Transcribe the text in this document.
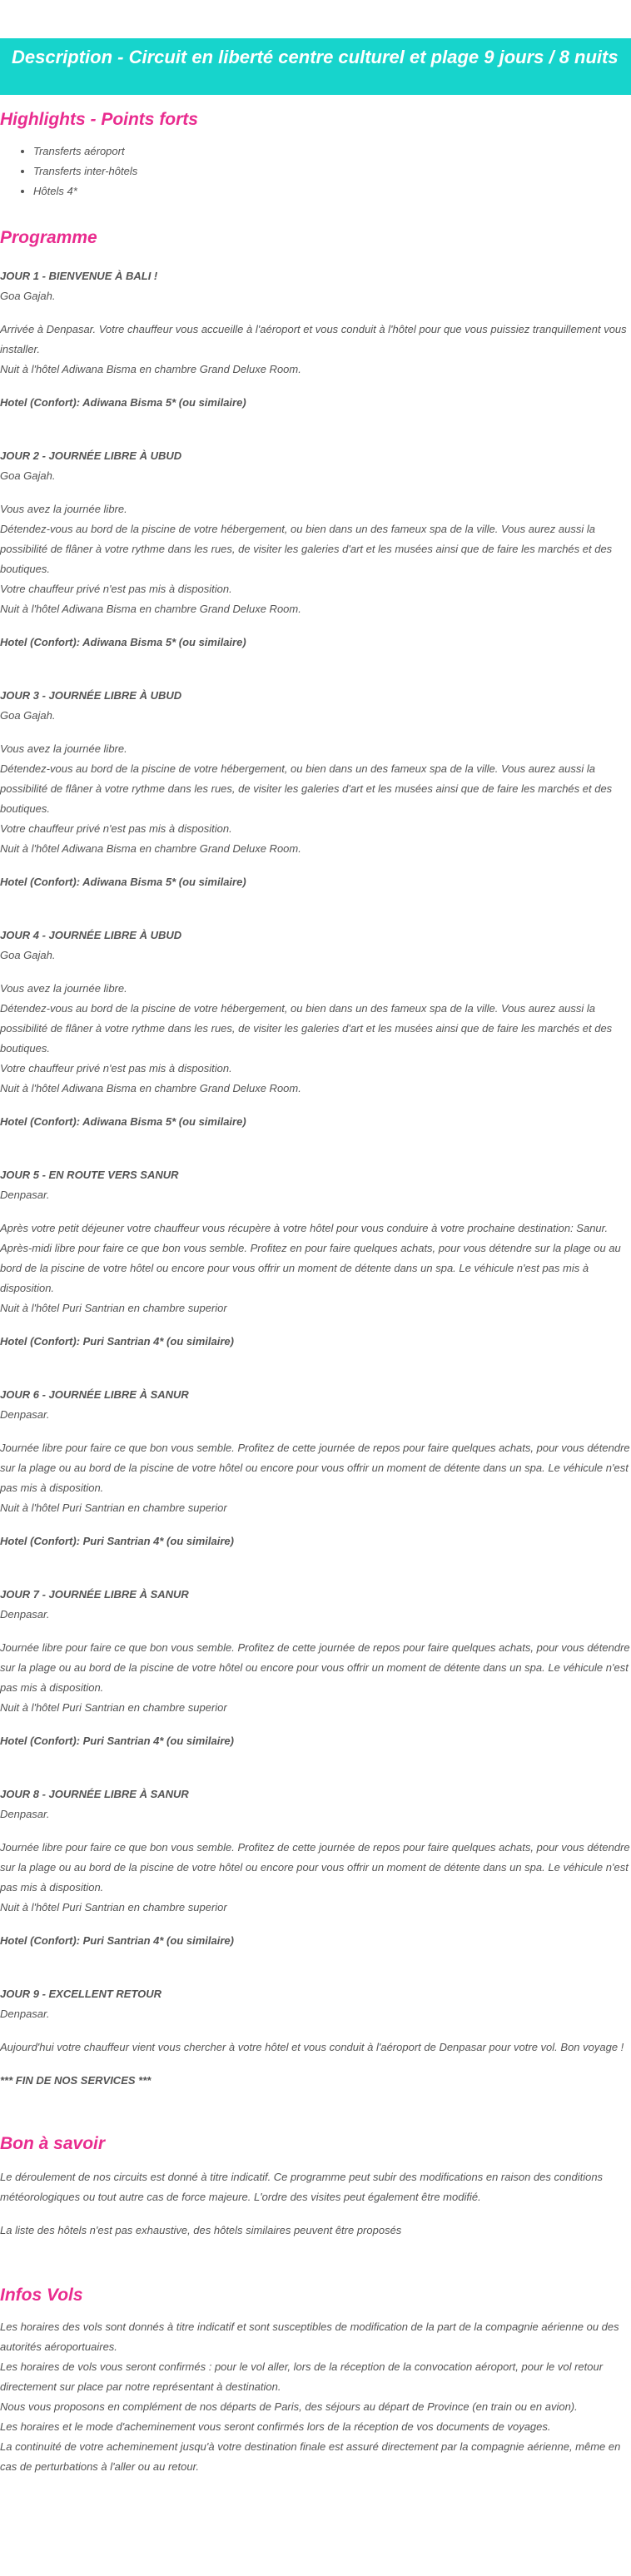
Description - Circuit en liberté centre culturel et plage 9 jours / 8 nuits
Highlights - Points forts
• Transferts aéroport
• Transferts inter-hôtels
• Hôtels 4*
Programme

JOUR 1 - BIENVENUE À BALI !

Goa Gajah.

Arrivée à Denpasar. Votre chauffeur vous accueille à l'aéroport et vous conduit à l'hôtel pour que vous puissiez tranquillement vous installer.

Nuit à l'hôtel Adiwana Bisma en chambre Grand Deluxe Room.

Hotel (Confort): Adiwana Bisma 5* (ou similaire)

JOUR 2 - JOURNÉE LIBRE À UBUD

Goa Gajah.

Vous avez la journée libre.

Détendez-vous au bord de la piscine de votre hébergement, ou bien dans un des fameux spa de la ville. Vous aurez aussi la possibilité de flâner à votre rythme dans les rues, de visiter les galeries d'art et les musées ainsi que de faire les marchés et des boutiques.

Votre chauffeur privé n'est pas mis à disposition.

Nuit à l'hôtel Adiwana Bisma en chambre Grand Deluxe Room.

Hotel (Confort): Adiwana Bisma 5* (ou similaire)

JOUR 3 - JOURNÉE LIBRE À UBUD

Goa Gajah.

Vous avez la journée libre.

Détendez-vous au bord de la piscine de votre hébergement, ou bien dans un des fameux spa de la ville. Vous aurez aussi la possibilité de flâner à votre rythme dans les rues, de visiter les galeries d'art et les musées ainsi que de faire les marchés et des boutiques.

Votre chauffeur privé n'est pas mis à disposition.

Nuit à l'hôtel Adiwana Bisma en chambre Grand Deluxe Room.

Hotel (Confort): Adiwana Bisma 5* (ou similaire)

JOUR 4 - JOURNÉE LIBRE À UBUD

Goa Gajah.

Vous avez la journée libre.

Détendez-vous au bord de la piscine de votre hébergement, ou bien dans un des fameux spa de la ville. Vous aurez aussi la possibilité de flâner à votre rythme dans les rues, de visiter les galeries d'art et les musées ainsi que de faire les marchés et des boutiques.

Votre chauffeur privé n'est pas mis à disposition.

Nuit à l'hôtel Adiwana Bisma en chambre Grand Deluxe Room.

Hotel (Confort): Adiwana Bisma 5* (ou similaire)

JOUR 5 - EN ROUTE VERS SANUR

Denpasar.

Après votre petit déjeuner votre chauffeur vous récupère à votre hôtel pour vous conduire à votre prochaine destination: Sanur.

Après-midi libre pour faire ce que bon vous semble. Profitez en pour faire quelques achats, pour vous détendre sur la plage ou au bord de la piscine de votre hôtel ou encore pour vous offrir un moment de détente dans un spa. Le véhicule n'est pas mis à disposition.

Nuit à l'hôtel Puri Santrian en chambre superior

Hotel (Confort): Puri Santrian 4* (ou similaire)

JOUR 6 - JOURNÉE LIBRE À SANUR

Denpasar.

Journée libre pour faire ce que bon vous semble. Profitez de cette journée de repos pour faire quelques achats, pour vous détendre sur la plage ou au bord de la piscine de votre hôtel ou encore pour vous offrir un moment de détente dans un spa. Le véhicule n'est pas mis à disposition.

Nuit à l'hôtel Puri Santrian en chambre superior

Hotel (Confort): Puri Santrian 4* (ou similaire)

JOUR 7 - JOURNÉE LIBRE À SANUR

Denpasar.

Journée libre pour faire ce que bon vous semble. Profitez de cette journée de repos pour faire quelques achats, pour vous détendre sur la plage ou au bord de la piscine de votre hôtel ou encore pour vous offrir un moment de détente dans un spa. Le véhicule n'est pas mis à disposition.

Nuit à l'hôtel Puri Santrian en chambre superior

Hotel (Confort): Puri Santrian 4* (ou similaire)

JOUR 8 - JOURNÉE LIBRE À SANUR

Denpasar.

Journée libre pour faire ce que bon vous semble. Profitez de cette journée de repos pour faire quelques achats, pour vous détendre sur la plage ou au bord de la piscine de votre hôtel ou encore pour vous offrir un moment de détente dans un spa. Le véhicule n'est pas mis à disposition.

Nuit à l'hôtel Puri Santrian en chambre superior

Hotel (Confort): Puri Santrian 4* (ou similaire)

JOUR 9 - EXCELLENT RETOUR

Denpasar.

Aujourd'hui votre chauffeur vient vous chercher à votre hôtel et vous conduit à l'aéroport de Denpasar pour votre vol. Bon voyage !

*** FIN DE NOS SERVICES ***

Bon à savoir

Le déroulement de nos circuits est donné à titre indicatif. Ce programme peut subir des modifications en raison des conditions météorologiques ou tout autre cas de force majeure. L'ordre des visites peut également être modifié.

La liste des hôtels n'est pas exhaustive, des hôtels similaires peuvent être proposés

Infos Vols

Les horaires des vols sont donnés à titre indicatif et sont susceptibles de modification de la part de la compagnie aérienne ou des autorités aéroportuaires.

Les horaires de vols vous seront confirmés : pour le vol aller, lors de la réception de la convocation aéroport, pour le vol retour directement sur place par notre représentant à destination.

Nous vous proposons en complément de nos départs de Paris, des séjours au départ de Province (en train ou en avion).

Les horaires et le mode d'acheminement vous seront confirmés lors de la réception de vos documents de voyages.

La continuité de votre acheminement jusqu'à votre destination finale est assuré directement par la compagnie aérienne, même en cas de perturbations à l'aller ou au retour.
